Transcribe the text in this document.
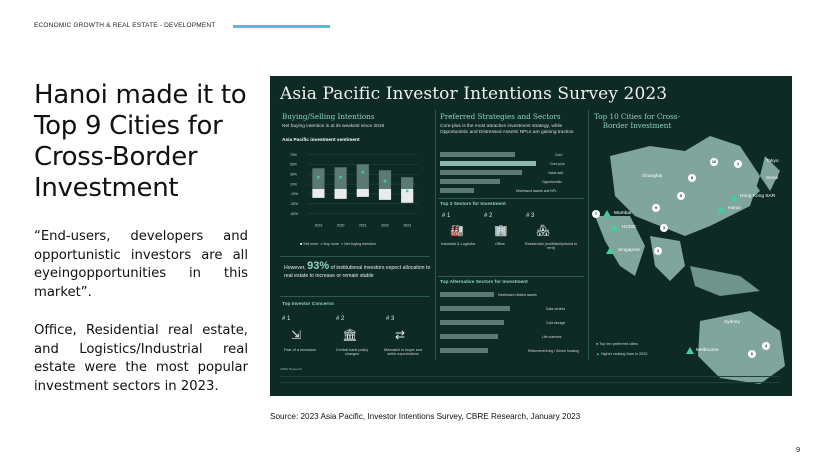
ECONOMIC GROWTH & REAL ESTATE - DEVELOPMENT
Hanoi made it to Top 9 Cities for Cross-Border Investment
“End-users, developers and opportunistic investors are all eyeingopportunities in this market”.
Office, Residential real estate, and Logistics/Industrial real estate were the most popular investment sectors in 2023.
Asia Pacific Investor Intentions Survey 2023
Buying/Selling Intentions
Net buying intention is at its weakest since 2019
Asia Pacific investment sentiment
70%
50%
30%
10%
-10%
-30%
-50%
2019	2020	2021	2022	2023
■ Sell more ■ Buy more ● Net buying intention
However, 93% of institutional investors expect allocation to real estate to increase or remain stable
Top Investor Concerns
# 1	# 2	# 3
⇲	🏛	⇄
Fear of a recession	Central bank policy changes
Mismatch in buyer and seller expectations
Preferred Strategies and Sectors
Core-plus is the most attractive investment strategy, while Opportunistic and Distressed Assets/ NPLs are gaining traction
Core
Core plus
Value-add
Opportunistic
Distressed assets and NPL
Top 3 Sectors for Investment
# 1	# 2	# 3
🏭	🏢	🏘
Industrial & Logistics	Office	Residential (multifamily/build to rent)
Top Alternative Sectors for Investment
Healthcare-related assets
Data centres
Cold storage
Life sciences
Retirement living / Senior housing
Top 10 Cities for Cross-Border Investment
10	1	Tokyo
Seoul
Shanghai	8
5	Hong Kong SAR
9	Hanoi
7	Mumbai
HCMC	3
Singapore	2
Sydney
4
Melbourne
6
● Top ten preferred cities
▲ Higher ranking than in 2022
CBRE Research
Source: 2023 Asia Pacific, Investor Intentions Survey, CBRE Research, January 2023
9
